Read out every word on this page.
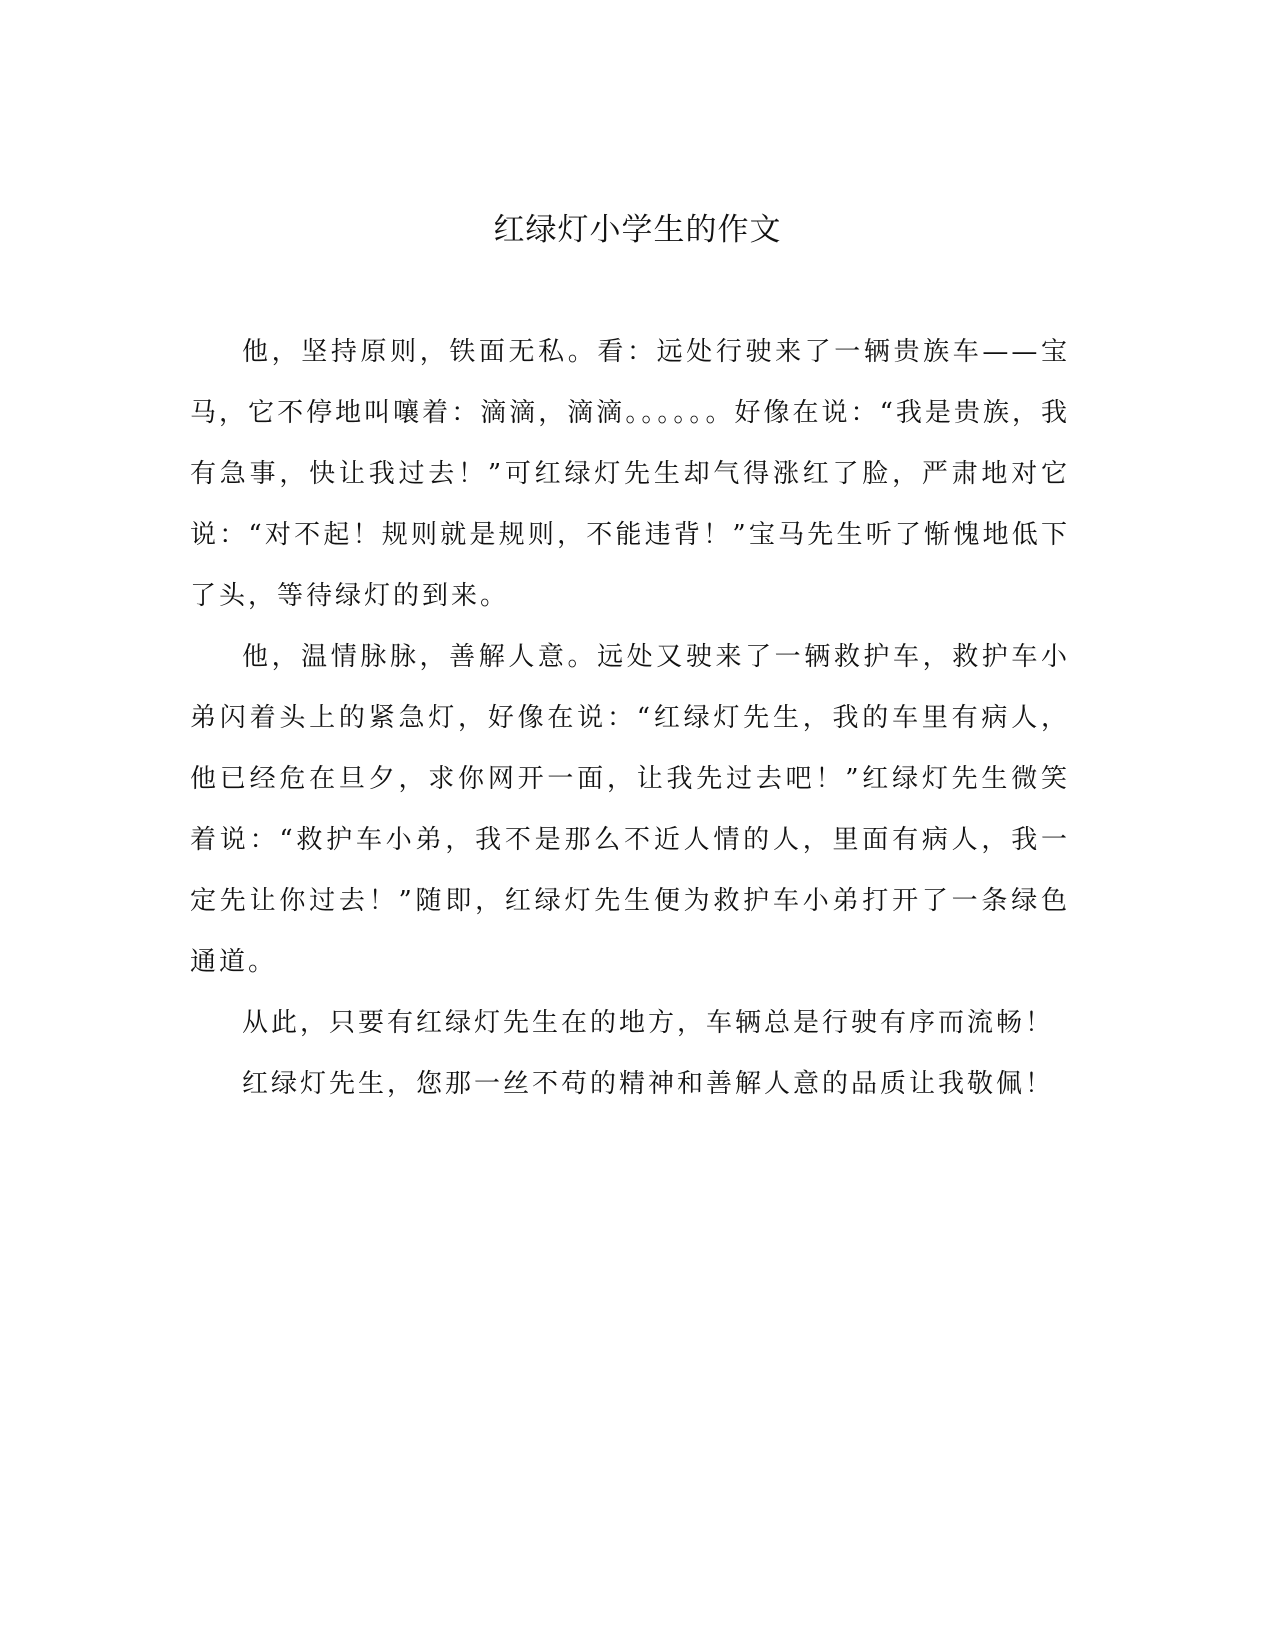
红绿灯小学生的作文

他，坚持原则，铁面无私。看：远处行驶来了一辆贵族车——宝马，它不停地叫嚷着：滴滴，滴滴。。。。。。好像在说：“我是贵族，我有急事，快让我过去！”可红绿灯先生却气得涨红了脸，严肃地对它说：“对不起！规则就是规则，不能违背！”宝马先生听了惭愧地低下了头，等待绿灯的到来。

他，温情脉脉，善解人意。远处又驶来了一辆救护车，救护车小弟闪着头上的紧急灯，好像在说：“红绿灯先生，我的车里有病人，他已经危在旦夕，求你网开一面，让我先过去吧！”红绿灯先生微笑着说：“救护车小弟，我不是那么不近人情的人，里面有病人，我一定先让你过去！”随即，红绿灯先生便为救护车小弟打开了一条绿色通道。

从此，只要有红绿灯先生在的地方，车辆总是行驶有序而流畅！

红绿灯先生，您那一丝不苟的精神和善解人意的品质让我敬佩！
